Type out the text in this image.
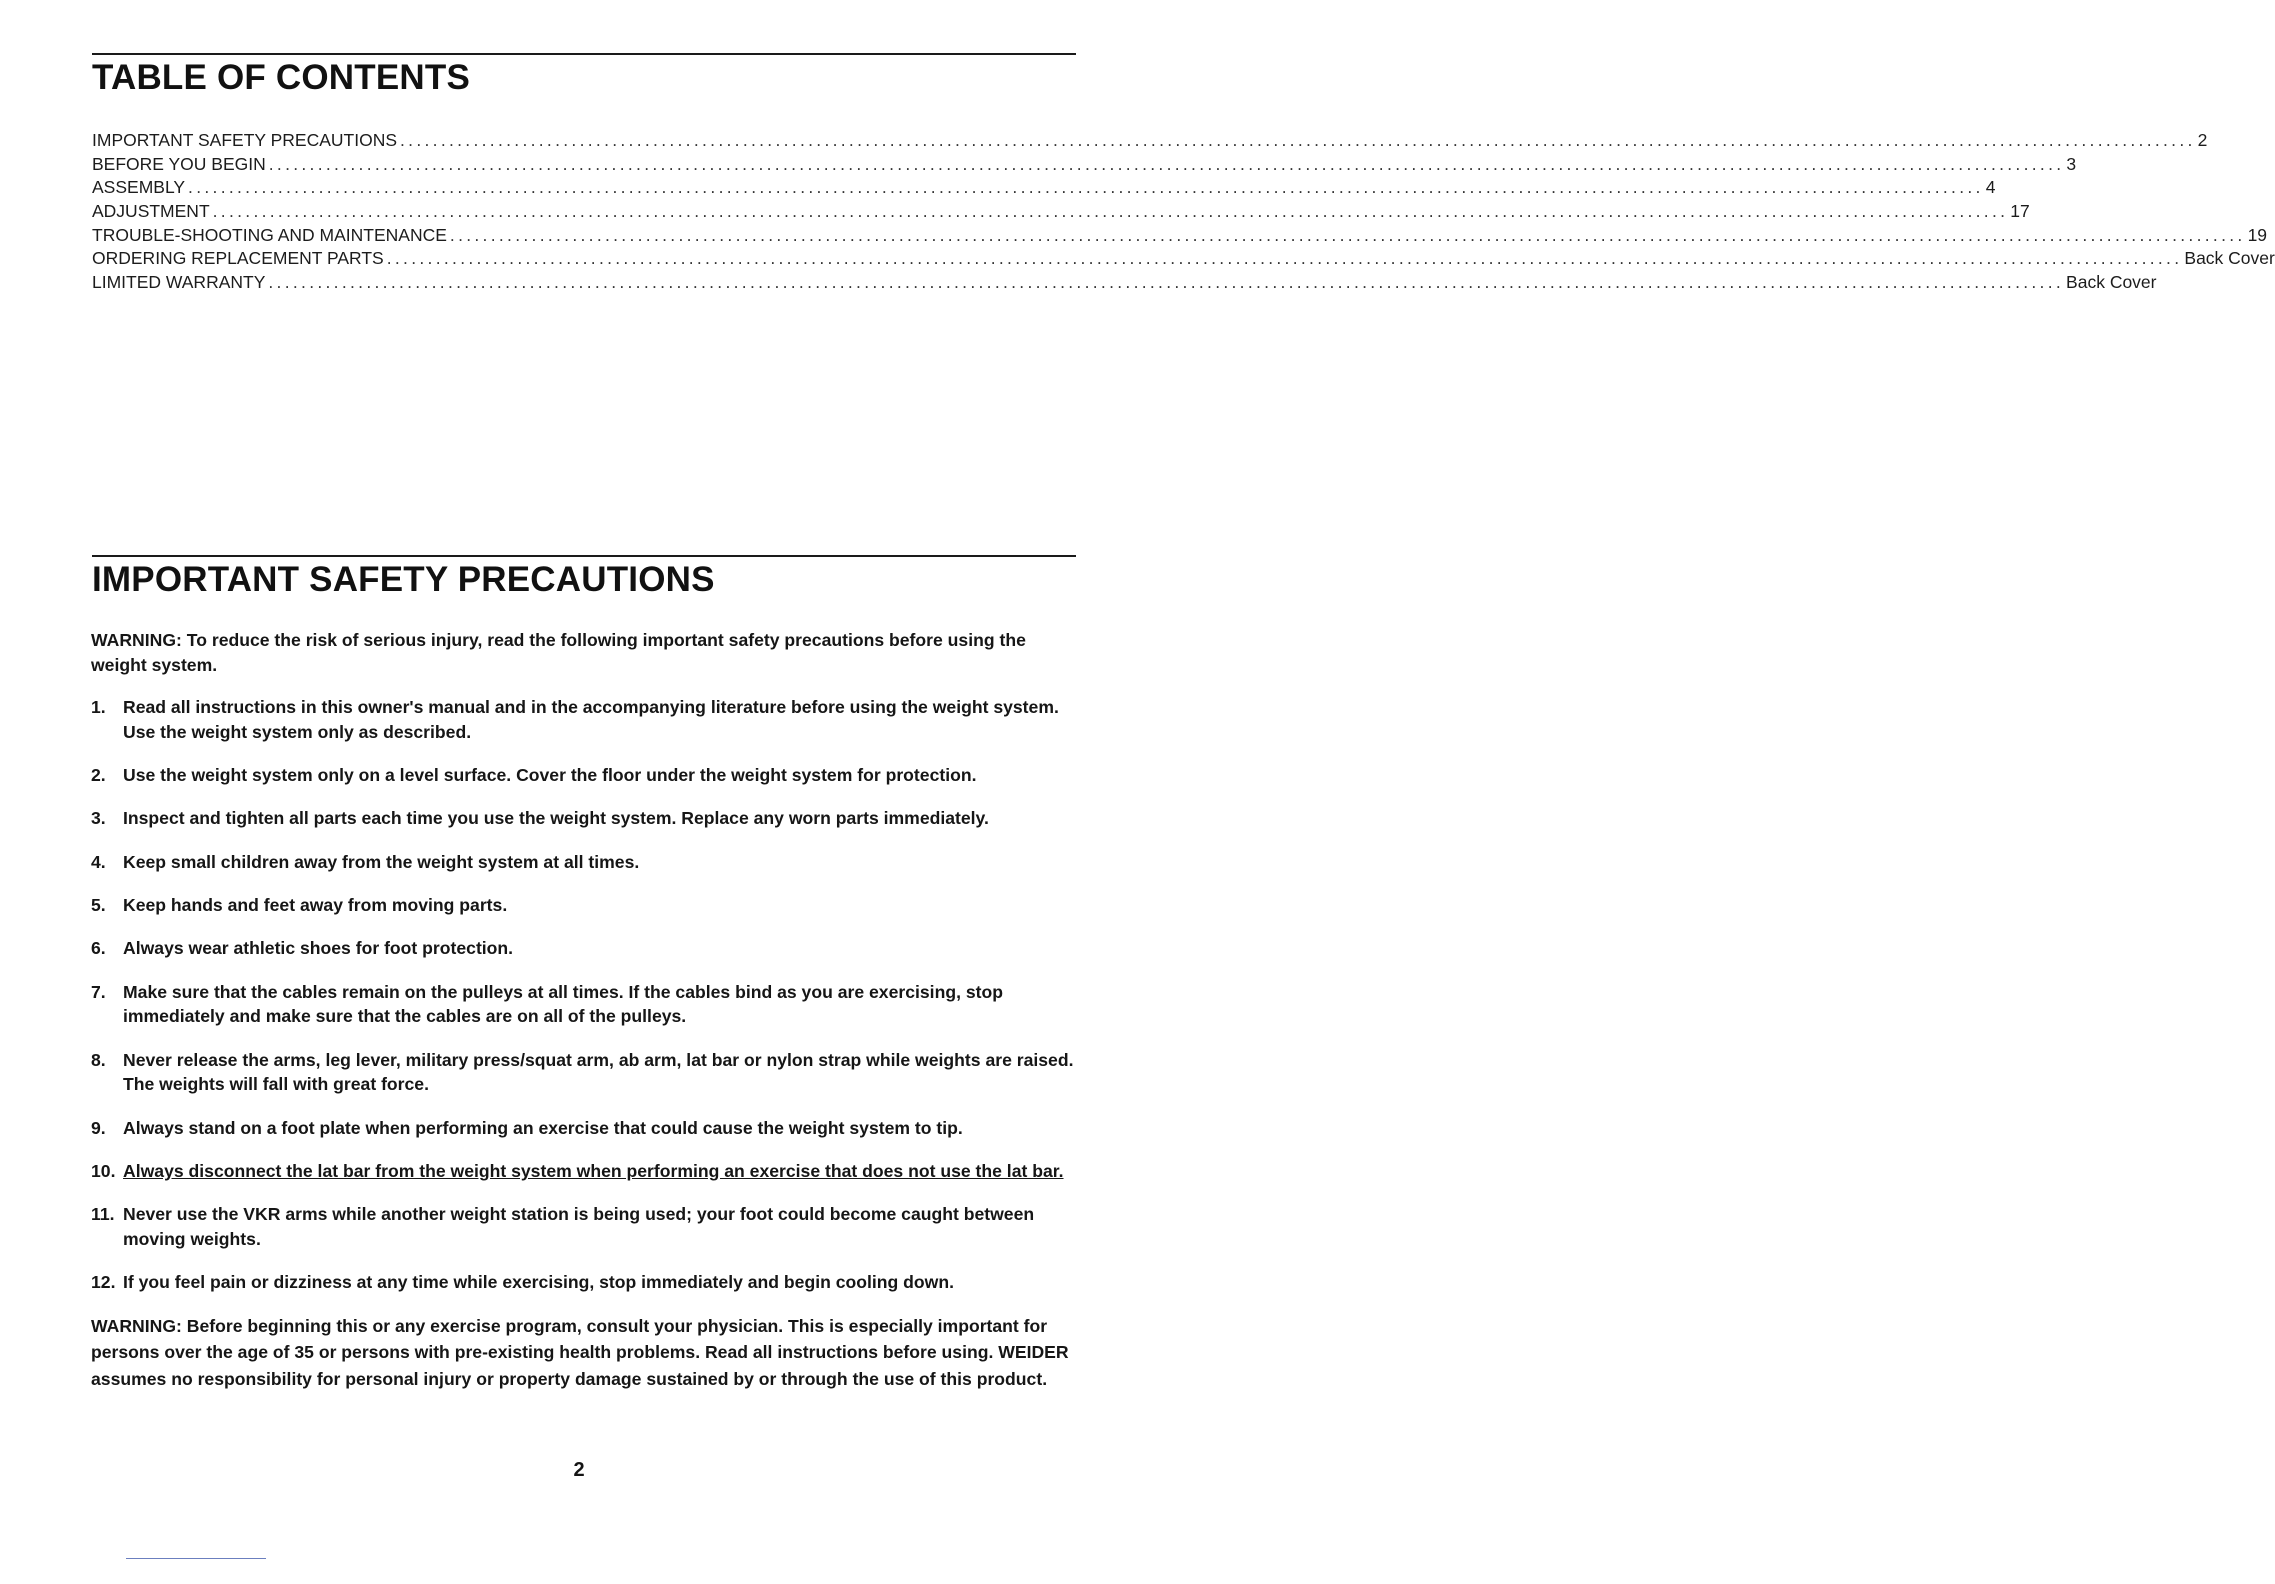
TABLE OF CONTENTS
IMPORTANT SAFETY PRECAUTIONS ............................................................................................................................................................................................................................ 2
BEFORE YOU BEGIN ............................................................................................................................................................................................................................ 3
ASSEMBLY ............................................................................................................................................................................................................................ 4
ADJUSTMENT ............................................................................................................................................................................................................................ 17
TROUBLE-SHOOTING AND MAINTENANCE ............................................................................................................................................................................................................................ 19
ORDERING REPLACEMENT PARTS ............................................................................................................................................................................................................................ Back Cover
LIMITED WARRANTY ............................................................................................................................................................................................................................ Back Cover
IMPORTANT SAFETY PRECAUTIONS

WARNING: To reduce the risk of serious injury, read the following important safety precautions before using the weight system.

1. Read all instructions in this owner's manual and in the accompanying literature before using the weight system. Use the weight system only as described.
2. Use the weight system only on a level surface. Cover the floor under the weight system for protection.
3. Inspect and tighten all parts each time you use the weight system. Replace any worn parts immediately.
4. Keep small children away from the weight system at all times.
5. Keep hands and feet away from moving parts.
6. Always wear athletic shoes for foot protection.
7. Make sure that the cables remain on the pulleys at all times. If the cables bind as you are exercising, stop immediately and make sure that the cables are on all of the pulleys.
8. Never release the arms, leg lever, military press/squat arm, ab arm, lat bar or nylon strap while weights are raised. The weights will fall with great force.
9. Always stand on a foot plate when performing an exercise that could cause the weight system to tip.
10. Always disconnect the lat bar from the weight system when performing an exercise that does not use the lat bar.
11. Never use the VKR arms while another weight station is being used; your foot could become caught between moving weights.
12. If you feel pain or dizziness at any time while exercising, stop immediately and begin cooling down.

WARNING: Before beginning this or any exercise program, consult your physician. This is especially important for persons over the age of 35 or persons with pre-existing health problems. Read all instructions before using. WEIDER assumes no responsibility for personal injury or property damage sustained by or through the use of this product.

2
